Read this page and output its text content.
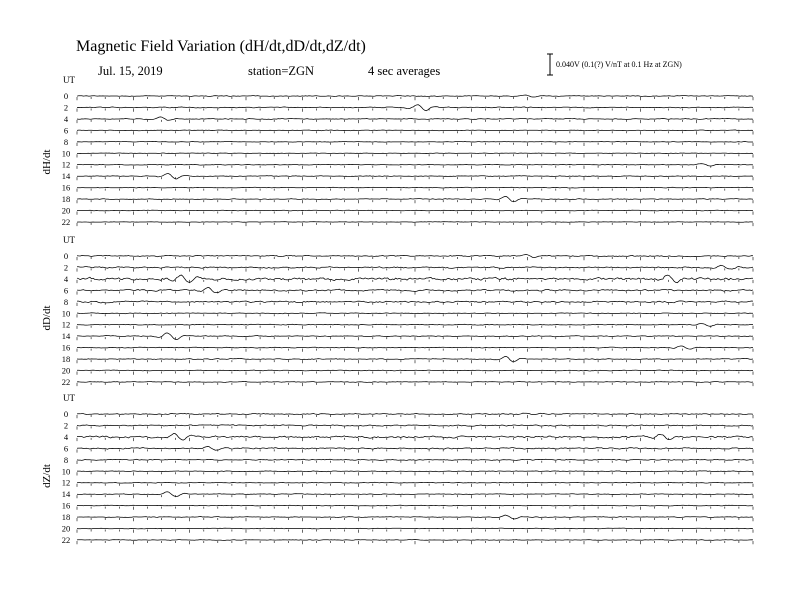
Magnetic Field Variation (dH/dt,dD/dt,dZ/dt)
Jul. 15, 2019	station=ZGN	4 sec averages	0.040V (0.1(?) V/nT at 0.1 Hz at ZGN)
UT
dH/dt
0
2
4
6
8
10
12
14
16
18
20
22
UT
dD/dt
0
2
4
6
8
10
12
14
16
18
20
22
UT
dZ/dt
0
2
4
6
8
10
12
14
16
18
20
22
